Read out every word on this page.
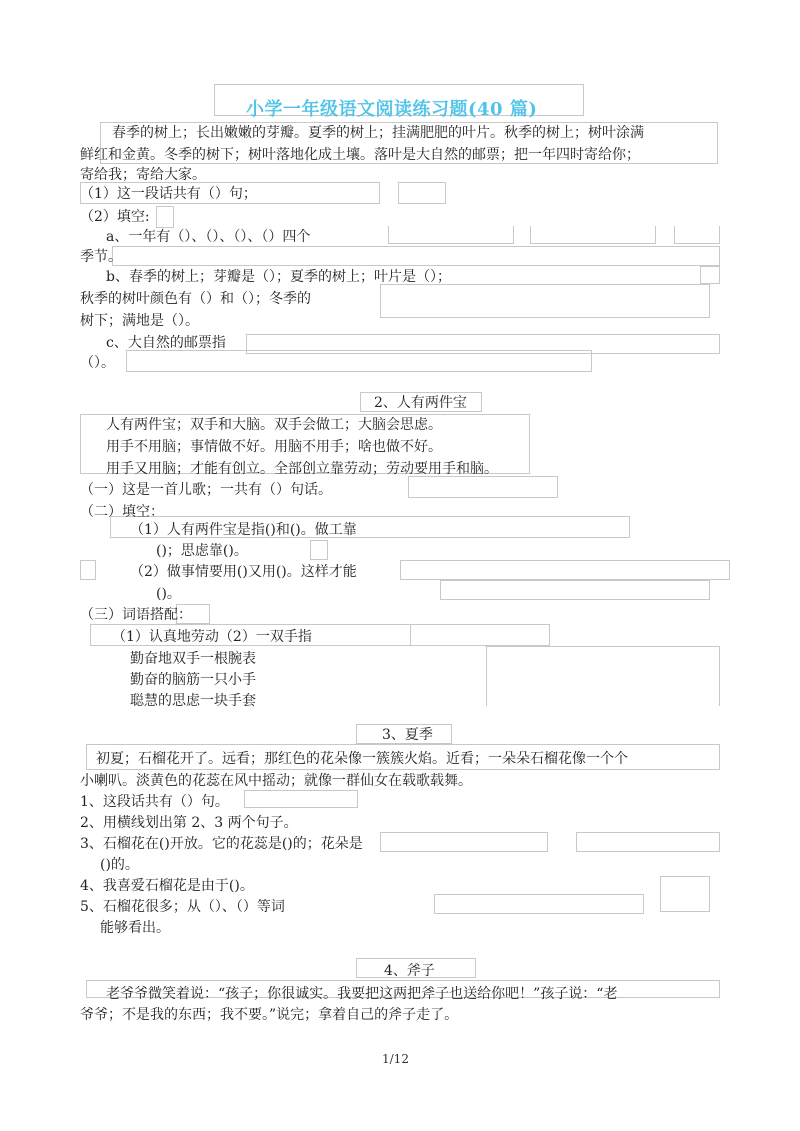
小学一年级语文阅读练习题(40 篇)
春季的树上；长出嫩嫩的芽瓣。夏季的树上；挂满肥肥的叶片。秋季的树上；树叶涂满
鲜红和金黄。冬季的树下；树叶落地化成土壤。落叶是大自然的邮票；把一年四时寄给你；
寄给我；寄给大家。
（1）这一段话共有（）句；
（2）填空:
a、一年有（）、（）、（）、（）四个
季节。
b、春季的树上；芽瓣是（）；夏季的树上；叶片是（）；
秋季的树叶颜色有（）和（）；冬季的
树下；满地是（）。
c、大自然的邮票指
（）。
2、人有两件宝
人有两件宝；双手和大脑。双手会做工；大脑会思虑。
用手不用脑；事情做不好。用脑不用手；啥也做不好。
用手又用脑；才能有创立。全部创立靠劳动；劳动要用手和脑。
（一）这是一首儿歌；一共有（）句话。
（二）填空：
（1）人有两件宝是指()和()。做工靠
()；思虑靠()。
（2）做事情要用()又用()。这样才能
()。
（三）词语搭配：
（1）认真地劳动（2）一双手指
勤奋地双手一根腕表
勤奋的脑筋一只小手
聪慧的思虑一块手套
3、夏季
初夏；石榴花开了。远看；那红色的花朵像一簇簇火焰。近看；一朵朵石榴花像一个个
小喇叭。淡黄色的花蕊在风中摇动；就像一群仙女在载歌载舞。
1、这段话共有（）句。
2、用横线划出第 2、3 两个句子。
3、石榴花在()开放。它的花蕊是()的；花朵是
()的。
4、我喜爱石榴花是由于()。
5、石榴花很多；从（）、（）等词
能够看出。
4、斧子
老爷爷微笑着说：“孩子；你很诚实。我要把这两把斧子也送给你吧！”孩子说：“老
爷爷；不是我的东西；我不要。”说完；拿着自己的斧子走了。
1/12
